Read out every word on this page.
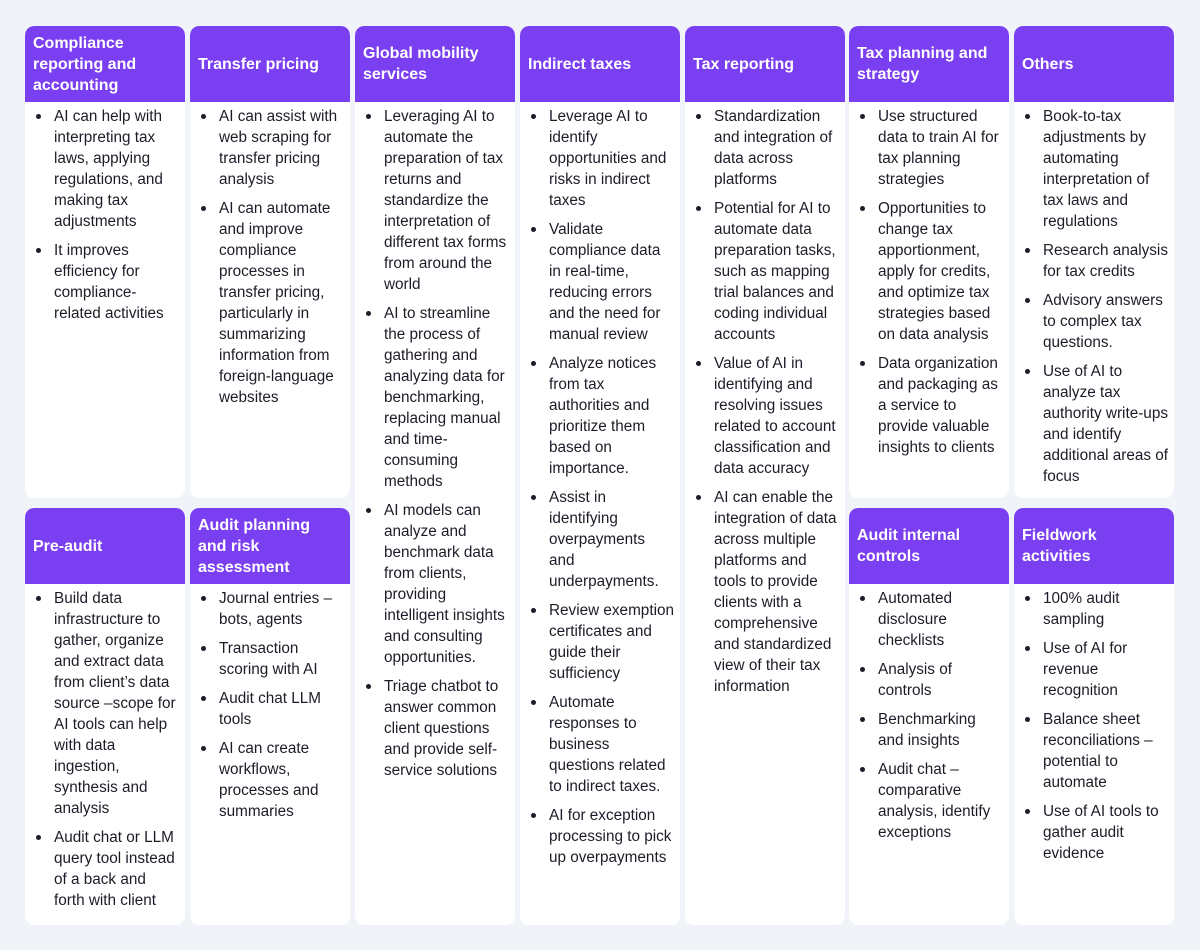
Compliance reporting and accounting
AI can help with interpreting tax laws, applying regulations, and making tax adjustments
It improves efficiency for compliance-related activities
Transfer pricing
AI can assist with web scraping for transfer pricing analysis
AI can automate and improve compliance processes in transfer pricing, particularly in summarizing information from foreign-language websites
Global mobility services
Leveraging AI to automate the preparation of tax returns and standardize the interpretation of different tax forms from around the world
AI to streamline the process of gathering and analyzing data for benchmarking, replacing manual and time-consuming methods
AI models can analyze and benchmark data from clients, providing intelligent insights and consulting opportunities.
Triage chatbot to answer common client questions and provide self-service solutions
Indirect taxes
Leverage AI to identify opportunities and risks in indirect taxes
Validate compliance data in real-time, reducing errors and the need for manual review
Analyze notices from tax authorities and prioritize them based on importance.
Assist in identifying overpayments and underpayments.
Review exemption certificates and guide their sufficiency
Automate responses to business questions related to indirect taxes.
AI for exception processing to pick up overpayments
Tax reporting
Standardization and integration of data across platforms
Potential for AI to automate data preparation tasks, such as mapping trial balances and coding individual accounts
Value of AI in identifying and resolving issues related to account classification and data accuracy
AI can enable the integration of data across multiple platforms and tools to provide clients with a comprehensive and standardized view of their tax information
Tax planning and strategy
Use structured data to train AI for tax planning strategies
Opportunities to change tax apportionment, apply for credits, and optimize tax strategies based on data analysis
Data organization and packaging as a service to provide valuable insights to clients
Others
Book-to-tax adjustments by automating interpretation of tax laws and regulations
Research analysis for tax credits
Advisory answers to complex tax questions.
Use of AI to analyze tax authority write-ups and identify additional areas of focus
Pre-audit
Build data infrastructure to gather, organize and extract data from client’s data source –scope for AI tools can help with data ingestion, synthesis and analysis
Audit chat or LLM query tool instead of a back and forth with client
Audit planning and risk assessment
Journal entries – bots, agents
Transaction scoring with AI
Audit chat LLM tools
AI can create workflows, processes and summaries
Audit internal controls
Automated disclosure checklists
Analysis of controls
Benchmarking and insights
Audit chat – comparative analysis, identify exceptions
Fieldwork activities
100% audit sampling
Use of AI for revenue recognition
Balance sheet reconciliations – potential to automate
Use of AI tools to gather audit evidence
